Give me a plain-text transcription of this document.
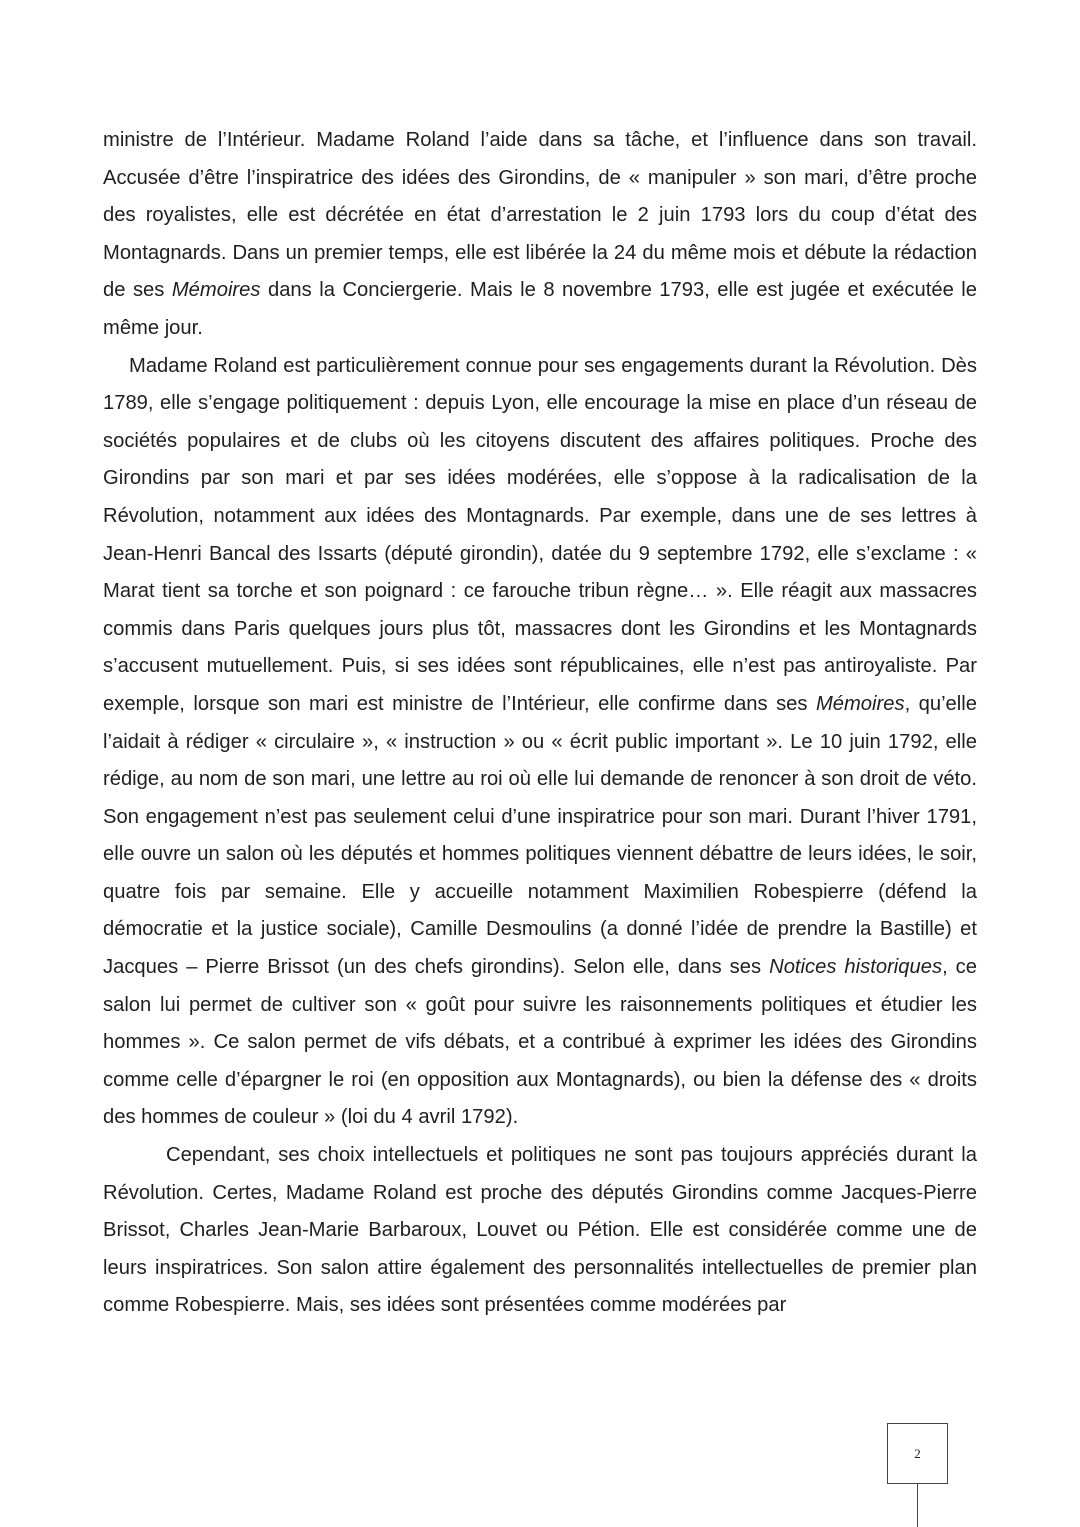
ministre de l’Intérieur. Madame Roland l’aide dans sa tâche, et l’influence dans son travail. Accusée d’être l’inspiratrice des idées des Girondins, de « manipuler » son mari, d’être proche des royalistes, elle est décrétée en état d’arrestation le 2 juin 1793 lors du coup d’état des Montagnards. Dans un premier temps, elle est libérée la 24 du même mois et débute la rédaction de ses Mémoires dans la Conciergerie. Mais le 8 novembre 1793, elle est jugée et exécutée le même jour.

Madame Roland est particulièrement connue pour ses engagements durant la Révolution. Dès 1789, elle s’engage politiquement : depuis Lyon, elle encourage la mise en place d’un réseau de sociétés populaires et de clubs où les citoyens discutent des affaires politiques. Proche des Girondins par son mari et par ses idées modérées, elle s’oppose à la radicalisation de la Révolution, notamment aux idées des Montagnards. Par exemple, dans une de ses lettres à Jean-Henri Bancal des Issarts (député girondin), datée du 9 septembre 1792, elle s’exclame : « Marat tient sa torche et son poignard : ce farouche tribun règne… ». Elle réagit aux massacres commis dans Paris quelques jours plus tôt, massacres dont les Girondins et les Montagnards s’accusent mutuellement. Puis, si ses idées sont républicaines, elle n’est pas antiroyaliste. Par exemple, lorsque son mari est ministre de l’Intérieur, elle confirme dans ses Mémoires, qu’elle l’aidait à rédiger « circulaire », « instruction » ou « écrit public important ». Le 10 juin 1792, elle rédige, au nom de son mari, une lettre au roi où elle lui demande de renoncer à son droit de véto. Son engagement n’est pas seulement celui d’une inspiratrice pour son mari. Durant l’hiver 1791, elle ouvre un salon où les députés et hommes politiques viennent débattre de leurs idées, le soir, quatre fois par semaine. Elle y accueille notamment Maximilien Robespierre (défend la démocratie et la justice sociale), Camille Desmoulins (a donné l’idée de prendre la Bastille) et Jacques – Pierre Brissot (un des chefs girondins). Selon elle, dans ses Notices historiques, ce salon lui permet de cultiver son « goût pour suivre les raisonnements politiques et étudier les hommes ». Ce salon permet de vifs débats, et a contribué à exprimer les idées des Girondins comme celle d’épargner le roi (en opposition aux Montagnards), ou bien la défense des « droits des hommes de couleur » (loi du 4 avril 1792).

Cependant, ses choix intellectuels et politiques ne sont pas toujours appréciés durant la Révolution. Certes, Madame Roland est proche des députés Girondins comme Jacques-Pierre Brissot, Charles Jean-Marie Barbaroux, Louvet ou Pétion. Elle est considérée comme une de leurs inspiratrices. Son salon attire également des personnalités intellectuelles de premier plan comme Robespierre. Mais, ses idées sont présentées comme modérées par

2
